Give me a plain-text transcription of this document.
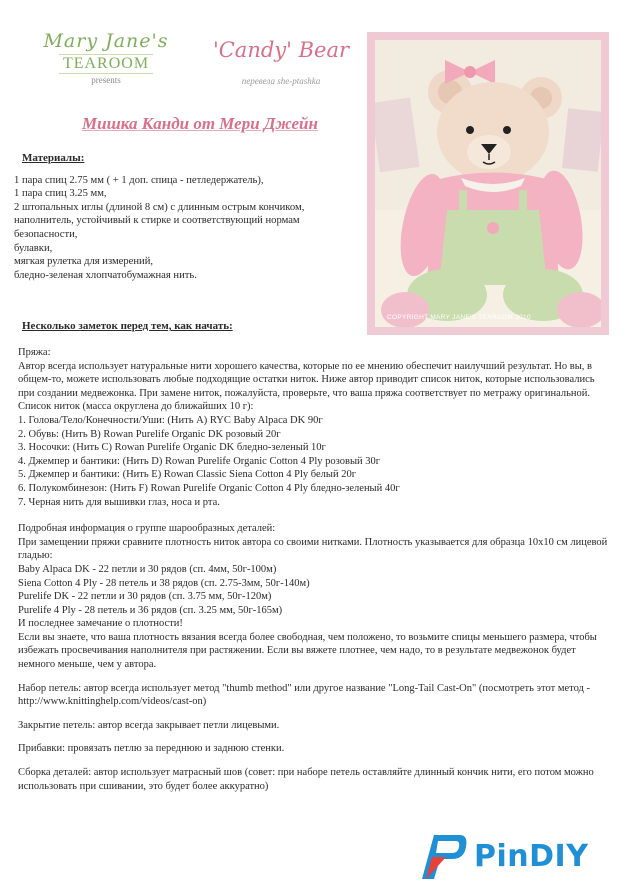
Mary Jane's
TEAROOM
presents
'Candy' Bear
перевела she-ptashka
Мишка Канди от Мери Джейн
COPYRIGHT MARY JANE'S TEAROOM 2010
Материалы:
1 пара спиц 2.75 мм ( + 1 доп. спица - петледержатель),
1 пара спиц 3.25 мм,
2 штопальных иглы (длиной 8 см) с длинным острым кончиком,
наполнитель, устойчивый к стирке и соответствующий нормам безопасности,
булавки,
мягкая рулетка для измерений,
бледно-зеленая хлопчатобумажная нить.
Несколько заметок перед тем, как начать:

Пряжа:

Автор всегда использует натуральные нити хорошего качества, которые по ее мнению обеспечит наилучший результат. Но вы, в общем-то, можете использовать любые подходящие остатки ниток. Ниже автор приводит список ниток, которые использовались при создании медвежонка. При замене ниток, пожалуйста, проверьте, что ваша пряжа соответствует по метражу оригинальной.

Список ниток (масса округлена до ближайших 10 г):

1. Голова/Тело/Конечности/Уши: (Нить A) RYC Baby Alpaca DK 90г

2. Обувь: (Нить B) Rowan Purelife Organic DK розовый 20г

3. Носочки: (Нить C) Rowan Purelife Organic DK бледно-зеленый 10г

4. Джемпер и бантики: (Нить D) Rowan Purelife Organic Cotton 4 Ply розовый 30г

5. Джемпер и бантики: (Нить E) Rowan Classic Siena Cotton 4 Ply белый 20г

6. Полукомбинезон: (Нить F) Rowan Purelife Organic Cotton 4 Ply бледно-зеленый 40г

7. Черная нить для вышивки глаз, носа и рта.

Подробная информация о группе шарообразных деталей:

При замещении пряжи сравните плотность ниток автора со своими нитками. Плотность указывается для образца 10x10 см лицевой гладью:

Baby Alpaca DK - 22 петли и 30 рядов (сп. 4мм, 50г-100м)

Siena Cotton 4 Ply - 28 петель и 38 рядов (сп. 2.75-3мм, 50г-140м)

Purelife DK - 22 петли и 30 рядов (сп. 3.75 мм, 50г-120м)

Purelife 4 Ply - 28 петель и 36 рядов (сп. 3.25 мм, 50г-165м)

И последнее замечание о плотности!

Если вы знаете, что ваша плотность вязания всегда более свободная, чем положено, то возьмите спицы меньшего размера, чтобы избежать просвечивания наполнителя при растяжении. Если вы вяжете плотнее, чем надо, то в результате медвежонок будет немного меньше, чем у автора.

Набор петель: автор всегда использует метод "thumb method" или другое название "Long-Tail Cast-On" (посмотреть этот метод - http://www.knittinghelp.com/videos/cast-on)

Закрытие петель: автор всегда закрывает петли лицевыми.

Прибавки: провязать петлю за переднюю и заднюю стенки.

Сборка деталей: автор использует матрасный шов (совет: при наборе петель оставляйте длинный кончик нити, его потом можно использовать при сшивании, это будет более аккуратно)

PinDIY
